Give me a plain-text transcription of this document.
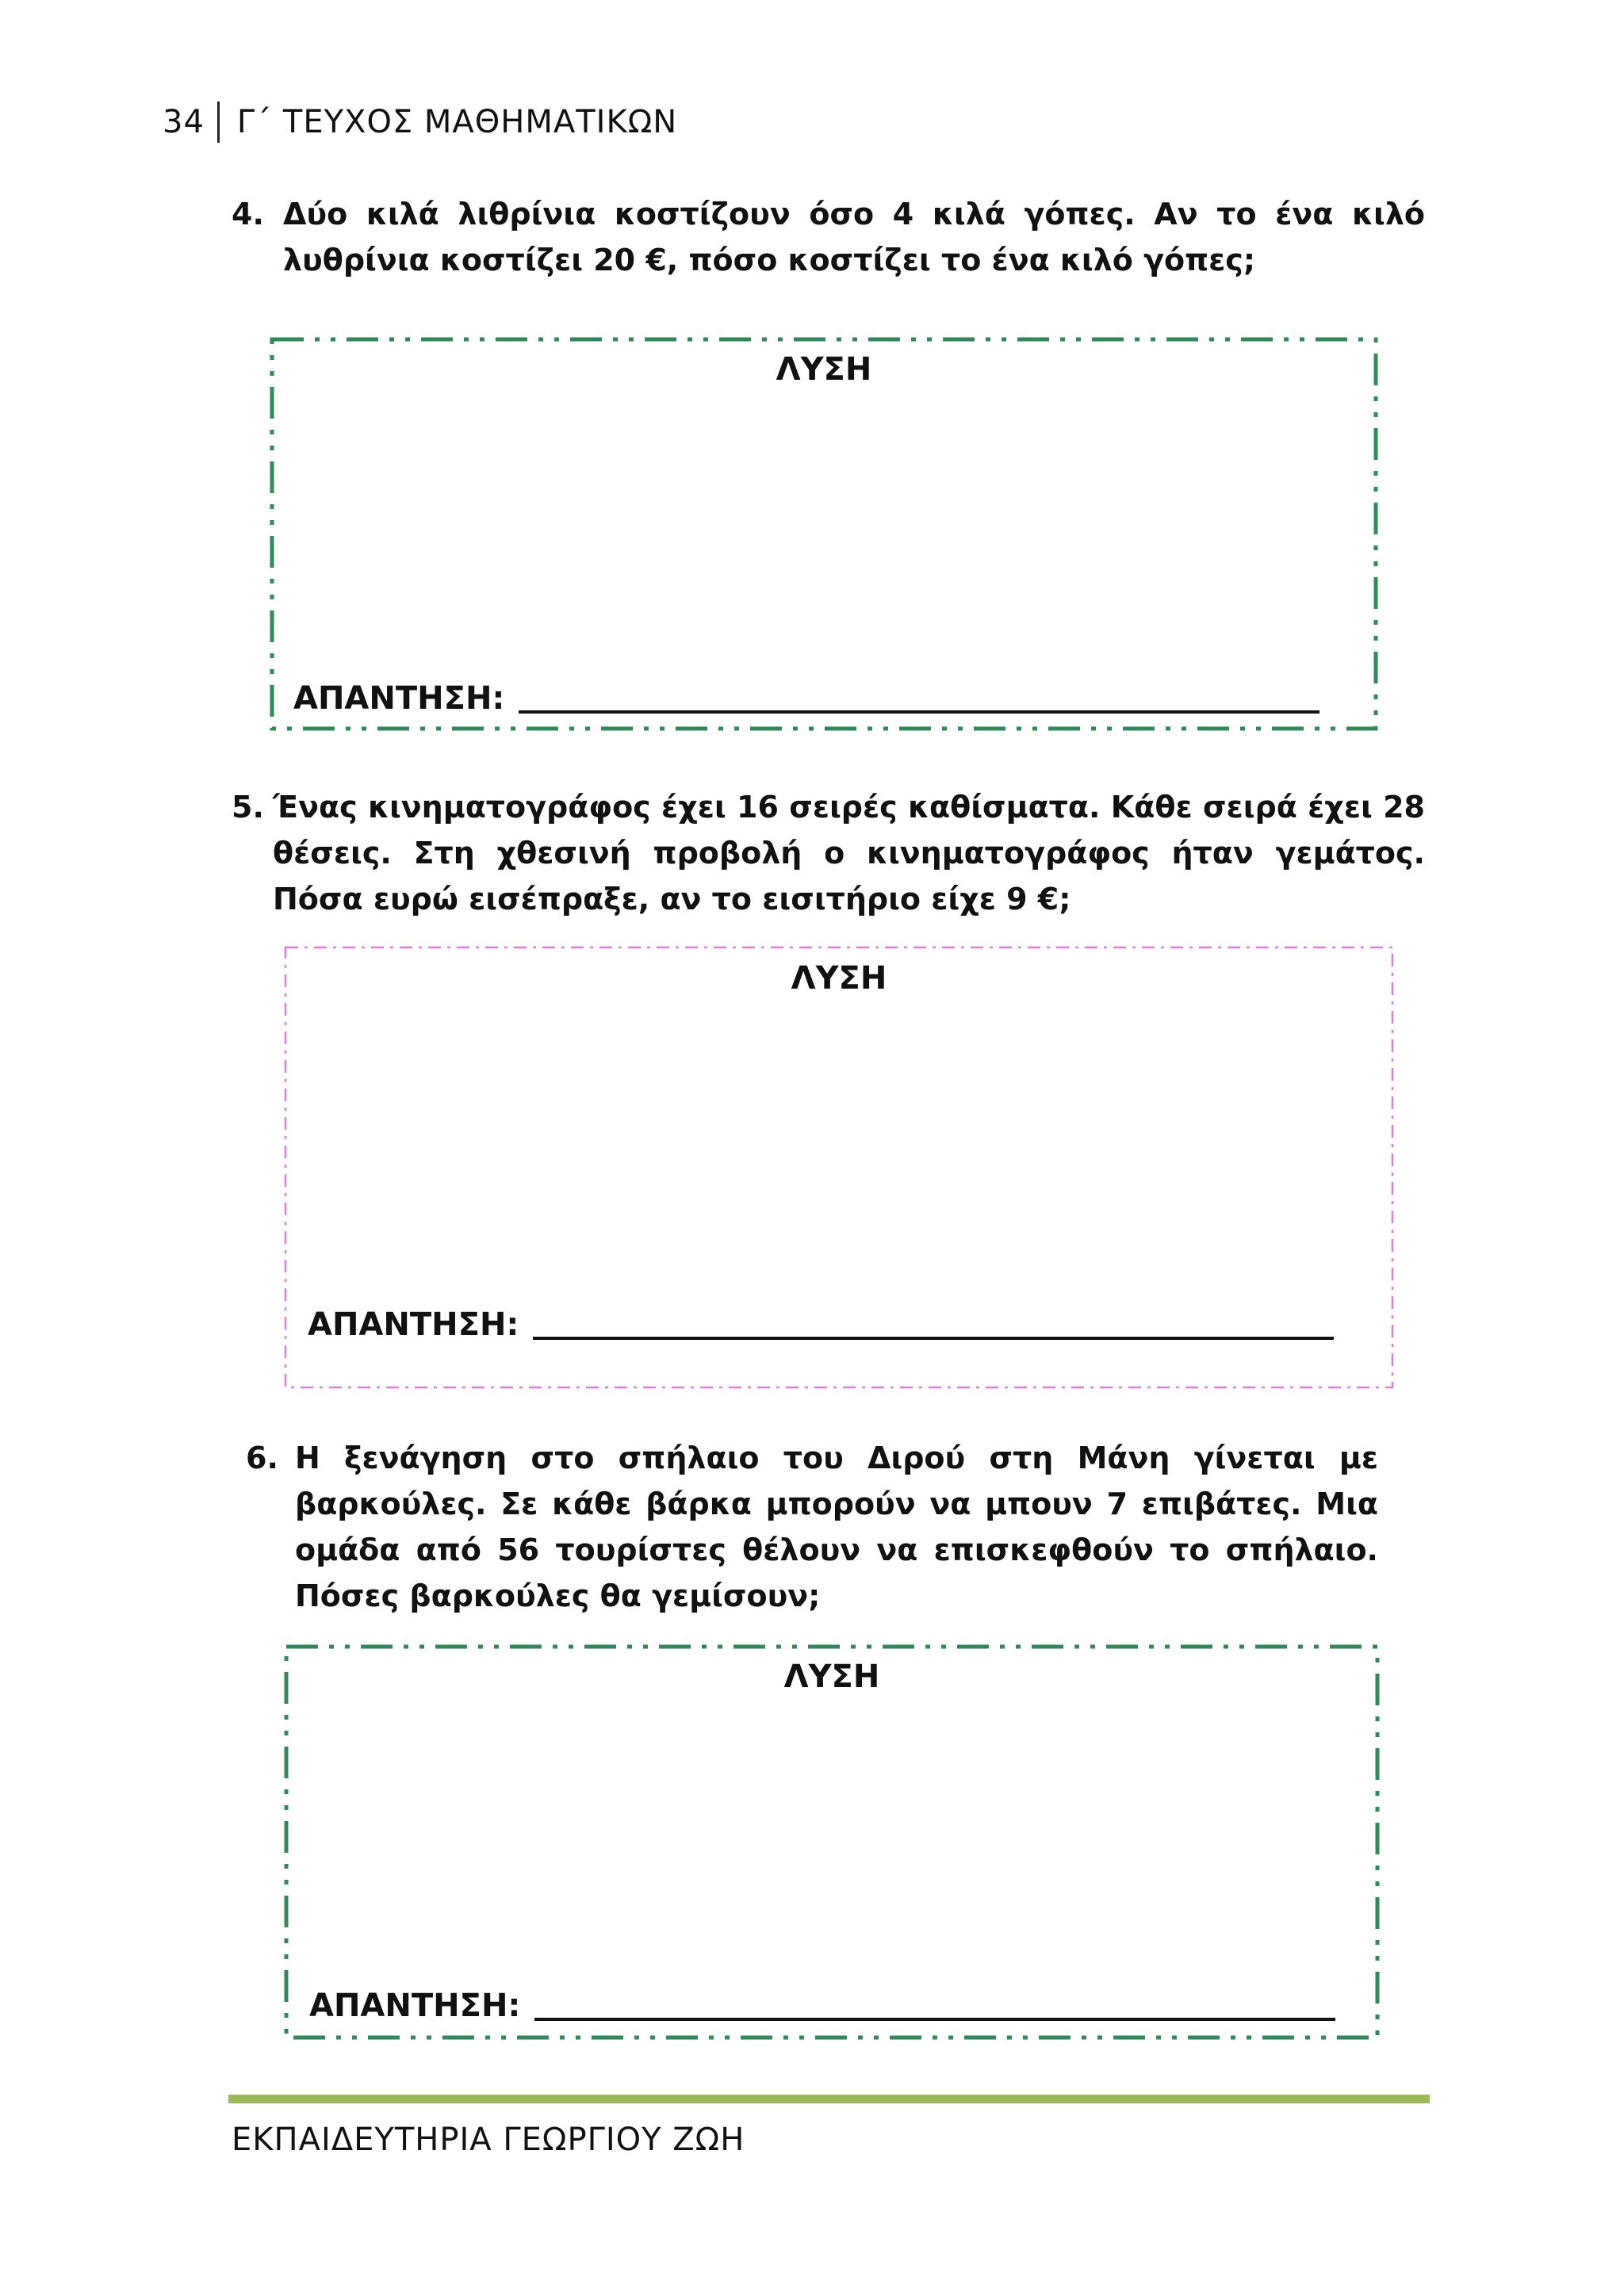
34	Γ΄ ΤΕΥΧΟΣ ΜΑΘΗΜΑΤΙΚΩΝ
4. Δύο κιλά λιθρίνια κοστίζουν όσο 4 κιλά γόπες. Αν το ένα κιλό λυθρίνια κοστίζει 20 €, πόσο κοστίζει το ένα κιλό γόπες;
ΛΥΣΗ
ΑΠΑΝΤΗΣΗ:
5. Ένας κινηματογράφος έχει 16 σειρές καθίσματα. Κάθε σειρά έχει 28 θέσεις. Στη χθεσινή προβολή ο κινηματογράφος ήταν γεμάτος. Πόσα ευρώ εισέπραξε, αν το εισιτήριο είχε 9 €;
ΛΥΣΗ
ΑΠΑΝΤΗΣΗ:
6. Η ξενάγηση στο σπήλαιο του Διρού στη Μάνη γίνεται με βαρκούλες. Σε κάθε βάρκα μπορούν να μπουν 7 επιβάτες. Μια ομάδα από 56 τουρίστες θέλουν να επισκεφθούν το σπήλαιο. Πόσες βαρκούλες θα γεμίσουν;
ΛΥΣΗ
ΑΠΑΝΤΗΣΗ:
ΕΚΠΑΙΔΕΥΤΗΡΙΑ ΓΕΩΡΓΙΟΥ ΖΩΗ
